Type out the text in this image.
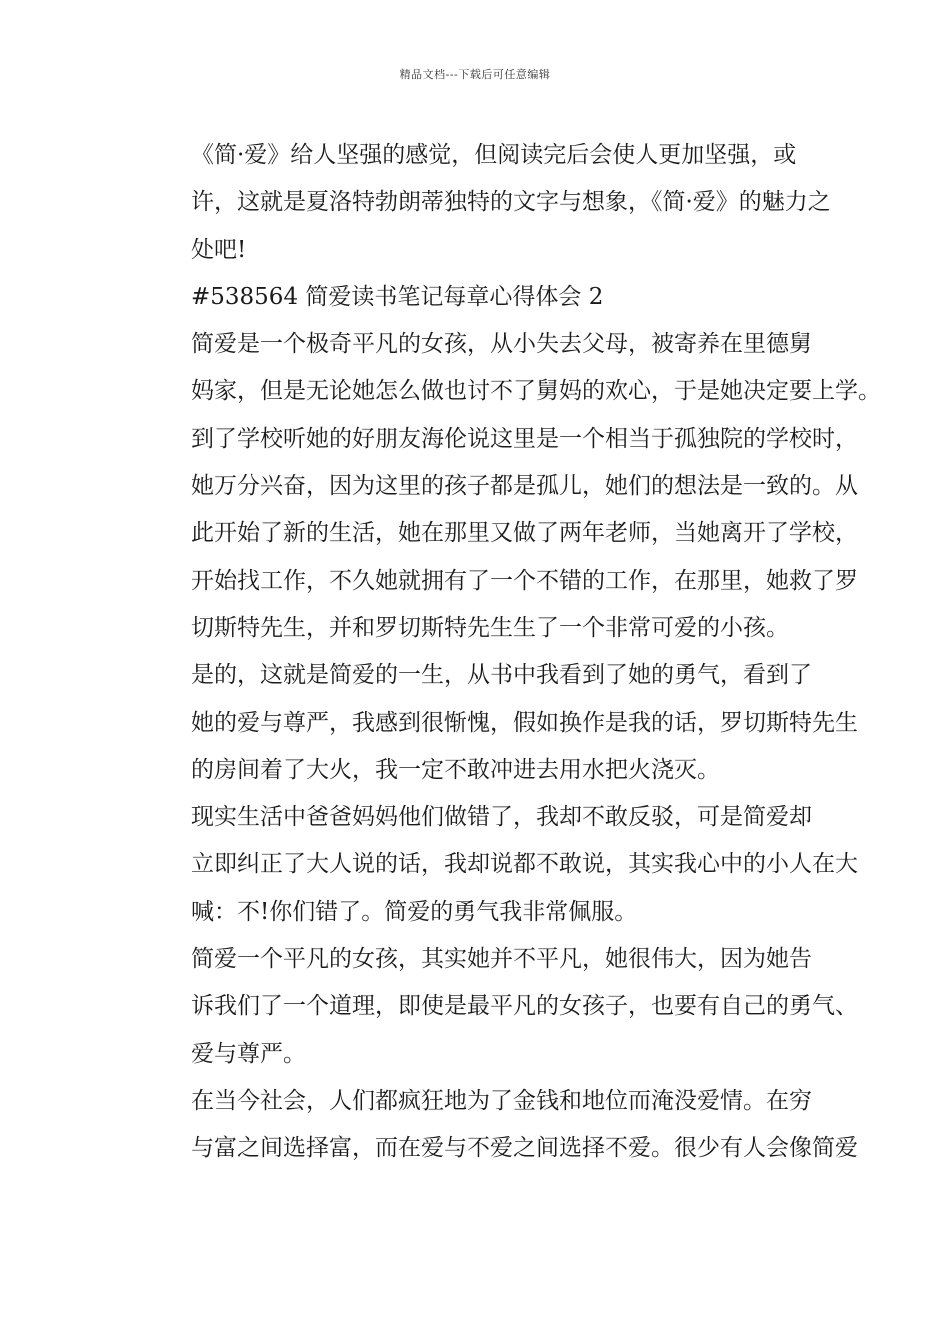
精品文档---下载后可任意编辑

《简·爱》给人坚强的感觉，但阅读完后会使人更加坚强，或
许，这就是夏洛特勃朗蒂独特的文字与想象，《简·爱》的魅力之
处吧!

#538564 简爱读书笔记每章心得体会 2

简爱是一个极奇平凡的女孩，从小失去父母，被寄养在里德舅
妈家，但是无论她怎么做也讨不了舅妈的欢心，于是她决定要上学。
到了学校听她的好朋友海伦说这里是一个相当于孤独院的学校时，
她万分兴奋，因为这里的孩子都是孤儿，她们的想法是一致的。从
此开始了新的生活，她在那里又做了两年老师，当她离开了学校，
开始找工作，不久她就拥有了一个不错的工作，在那里，她救了罗
切斯特先生，并和罗切斯特先生生了一个非常可爱的小孩。

是的，这就是简爱的一生，从书中我看到了她的勇气，看到了
她的爱与尊严，我感到很惭愧，假如换作是我的话，罗切斯特先生
的房间着了大火，我一定不敢冲进去用水把火浇灭。

现实生活中爸爸妈妈他们做错了，我却不敢反驳，可是简爱却
立即纠正了大人说的话，我却说都不敢说，其实我心中的小人在大
喊：不!你们错了。简爱的勇气我非常佩服。

简爱一个平凡的女孩，其实她并不平凡，她很伟大，因为她告
诉我们了一个道理，即使是最平凡的女孩子，也要有自己的勇气、
爱与尊严。

在当今社会，人们都疯狂地为了金钱和地位而淹没爱情。在穷
与富之间选择富，而在爱与不爱之间选择不爱。很少有人会像简爱
